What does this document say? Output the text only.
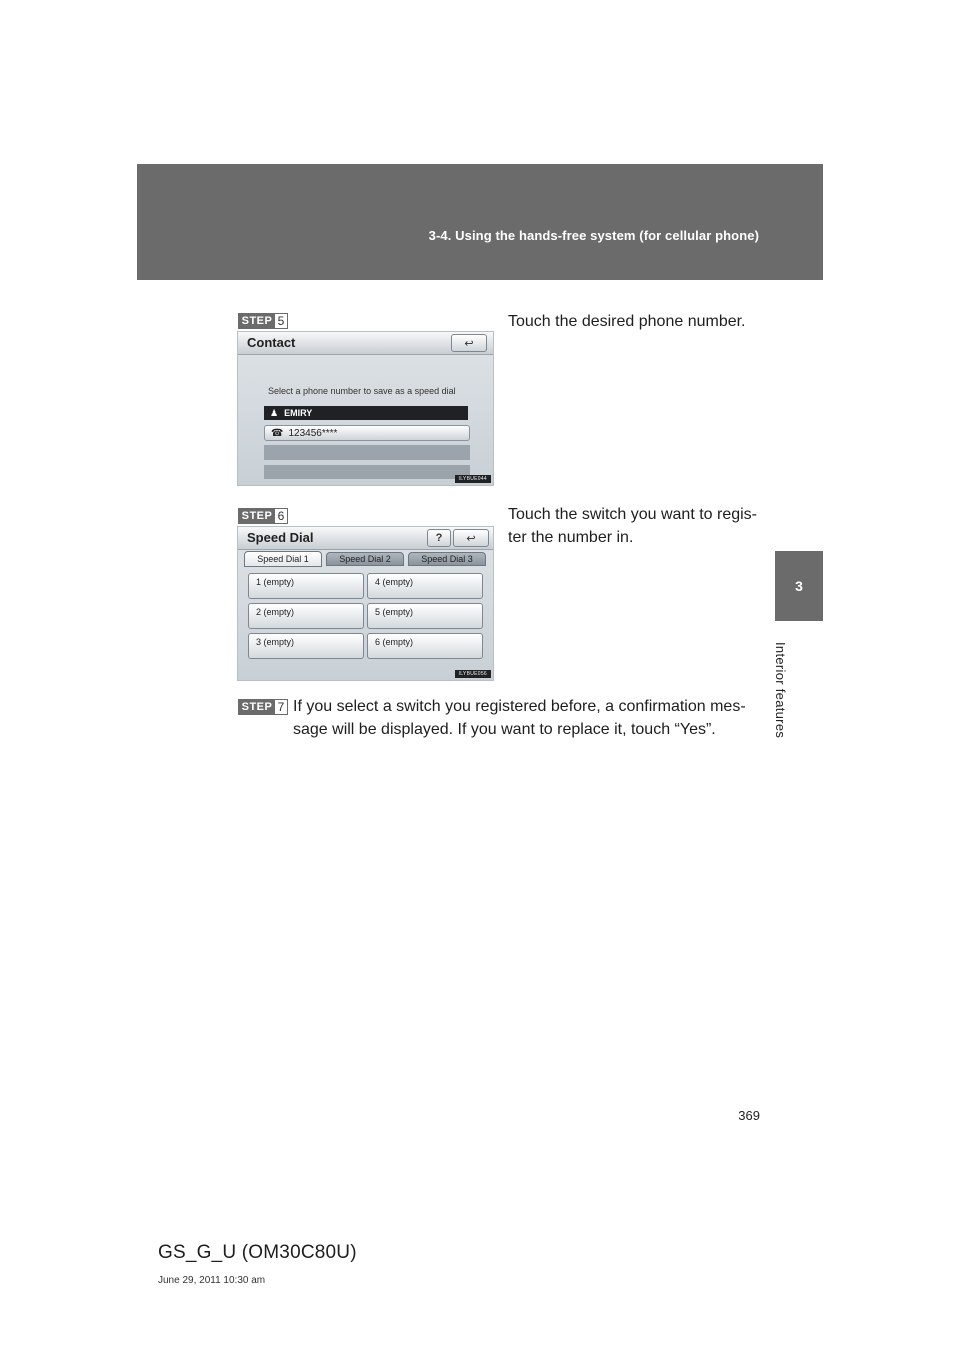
3-4. Using the hands-free system (for cellular phone)
3
Interior features
STEP 5	Touch the desired phone number.
Contact	↩
Select a phone number to save as a speed dial
♟ EMIRY
☎ 123456****
ILYBUE044
STEP 6	Touch the switch you want to regis-ter the number in.
Speed Dial	? ↩
Speed Dial 1	Speed Dial 2	Speed Dial 3
1 (empty)
2 (empty)
3 (empty)
4 (empty)
5 (empty)
6 (empty)
ILYBUE056
STEP 7 If you select a switch you registered before, a confirmation mes-
sage will be displayed. If you want to replace it, touch “Yes”.
369
GS_G_U (OM30C80U)
June 29, 2011 10:30 am
